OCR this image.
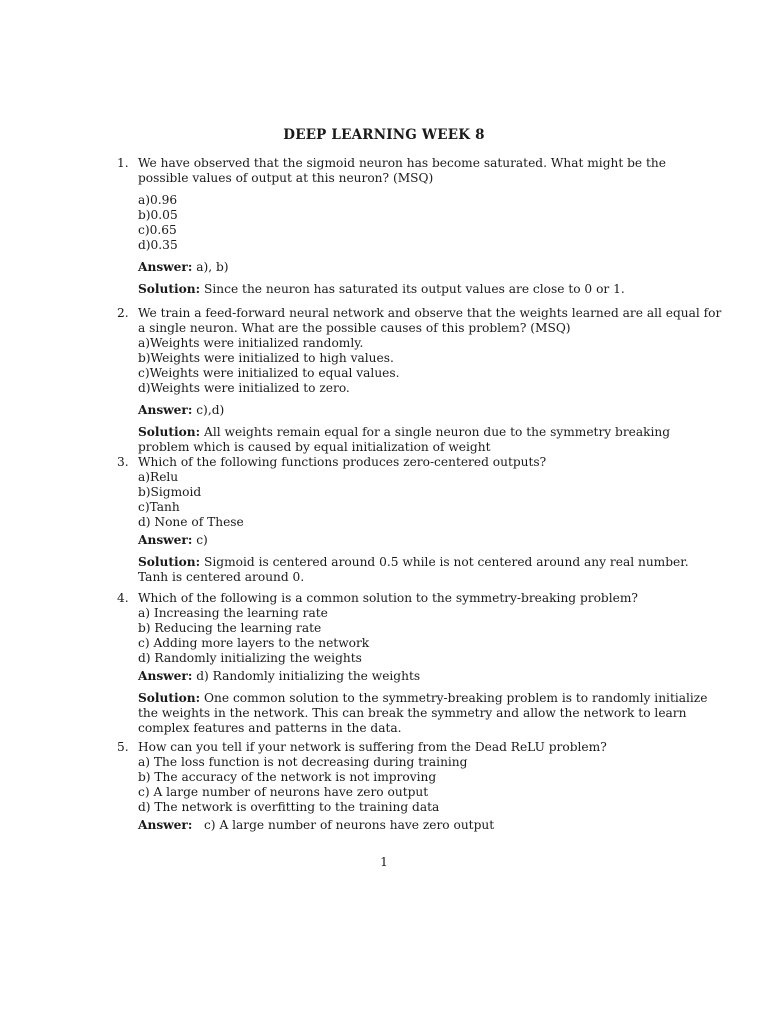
DEEP LEARNING WEEK 8
1. We have observed that the sigmoid neuron has become saturated. What might be the
possible values of output at this neuron? (MSQ)
a)0.96
b)0.05
c)0.65
d)0.35
Answer: a), b)
Solution: Since the neuron has saturated its output values are close to 0 or 1.
2. We train a feed-forward neural network and observe that the weights learned are all equal for
a single neuron. What are the possible causes of this problem? (MSQ)
a)Weights were initialized randomly.
b)Weights were initialized to high values.
c)Weights were initialized to equal values.
d)Weights were initialized to zero.
Answer: c),d)
Solution: All weights remain equal for a single neuron due to the symmetry breaking
problem which is caused by equal initialization of weight
3. Which of the following functions produces zero-centered outputs?
a)Relu
b)Sigmoid
c)Tanh
d) None of These
Answer: c)
Solution: Sigmoid is centered around 0.5 while is not centered around any real number.
Tanh is centered around 0.
4. Which of the following is a common solution to the symmetry-breaking problem?
a) Increasing the learning rate
b) Reducing the learning rate
c) Adding more layers to the network
d) Randomly initializing the weights
Answer: d) Randomly initializing the weights
Solution: One common solution to the symmetry-breaking problem is to randomly initialize
the weights in the network. This can break the symmetry and allow the network to learn
complex features and patterns in the data.
5. How can you tell if your network is suffering from the Dead ReLU problem?
a) The loss function is not decreasing during training
b) The accuracy of the network is not improving
c) A large number of neurons have zero output
d) The network is overfitting to the training data
Answer: c) A large number of neurons have zero output
1
